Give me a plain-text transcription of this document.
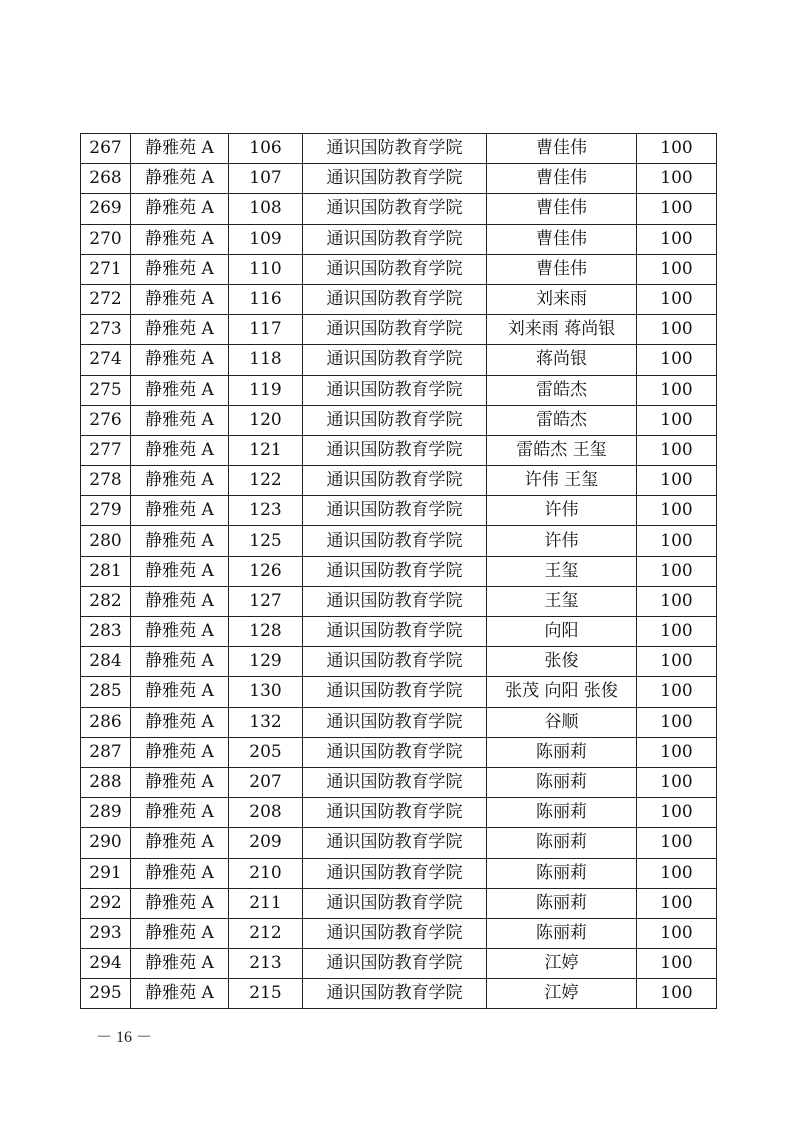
267	静雅苑 A	106	通识国防教育学院	曹佳伟	100
268	静雅苑 A	107	通识国防教育学院	曹佳伟	100
269	静雅苑 A	108	通识国防教育学院	曹佳伟	100
270	静雅苑 A	109	通识国防教育学院	曹佳伟	100
271	静雅苑 A	110	通识国防教育学院	曹佳伟	100
272	静雅苑 A	116	通识国防教育学院	刘来雨	100
273	静雅苑 A	117	通识国防教育学院	刘来雨 蒋尚银	100
274	静雅苑 A	118	通识国防教育学院	蒋尚银	100
275	静雅苑 A	119	通识国防教育学院	雷皓杰	100
276	静雅苑 A	120	通识国防教育学院	雷皓杰	100
277	静雅苑 A	121	通识国防教育学院	雷皓杰 王玺	100
278	静雅苑 A	122	通识国防教育学院	许伟 王玺	100
279	静雅苑 A	123	通识国防教育学院	许伟	100
280	静雅苑 A	125	通识国防教育学院	许伟	100
281	静雅苑 A	126	通识国防教育学院	王玺	100
282	静雅苑 A	127	通识国防教育学院	王玺	100
283	静雅苑 A	128	通识国防教育学院	向阳	100
284	静雅苑 A	129	通识国防教育学院	张俊	100
285	静雅苑 A	130	通识国防教育学院	张茂 向阳 张俊	100
286	静雅苑 A	132	通识国防教育学院	谷顺	100
287	静雅苑 A	205	通识国防教育学院	陈丽莉	100
288	静雅苑 A	207	通识国防教育学院	陈丽莉	100
289	静雅苑 A	208	通识国防教育学院	陈丽莉	100
290	静雅苑 A	209	通识国防教育学院	陈丽莉	100
291	静雅苑 A	210	通识国防教育学院	陈丽莉	100
292	静雅苑 A	211	通识国防教育学院	陈丽莉	100
293	静雅苑 A	212	通识国防教育学院	陈丽莉	100
294	静雅苑 A	213	通识国防教育学院	江婷	100
295	静雅苑 A	215	通识国防教育学院	江婷	100
－ 16 －
